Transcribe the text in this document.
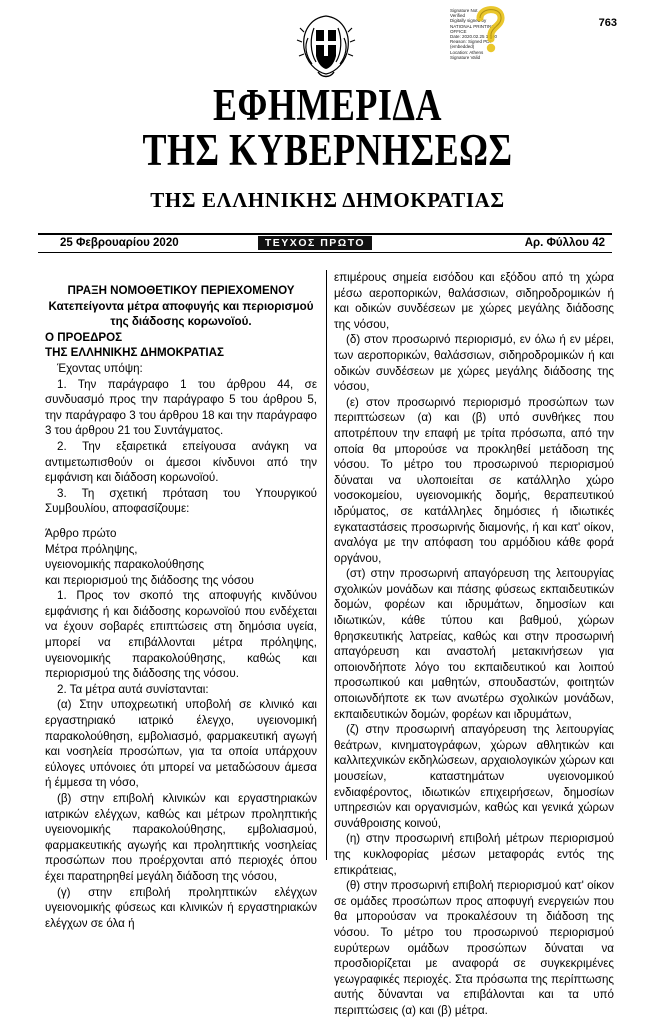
763
Signature Not
Verified
Digitally signed by
NATIONAL PRINTING
OFFICE
Date: 2020.02.25 17:40
Reason: Signed PDF
(embedded)
Location: Athens
Signature Valid
ΕΦΗΜΕΡΙΔΑ
ΤΗΣ ΚΥΒΕΡΝΗΣΕΩΣ
ΤΗΣ ΕΛΛΗΝΙΚΗΣ ΔΗΜΟΚΡΑΤΙΑΣ
25 Φεβρουαρίου 2020	ΤΕΥΧΟΣ ΠΡΩΤΟ	Αρ. Φύλλου 42

ΠΡΑΞΗ ΝΟΜΟΘΕΤΙΚΟΥ ΠΕΡΙΕΧΟΜΕΝΟΥ

Κατεπείγοντα μέτρα αποφυγής και περιορισμού της διάδοσης κορωνοϊού.

Ο ΠΡΟΕΔΡΟΣ

ΤΗΣ ΕΛΛΗΝΙΚΗΣ ΔΗΜΟΚΡΑΤΙΑΣ

Έχοντας υπόψη:

1. Την παράγραφο 1 του άρθρου 44, σε συνδυασμό προς την παράγραφο 5 του άρθρου 5, την παράγραφο 3 του άρθρου 18 και την παράγραφο 3 του άρθρου 21 του Συντάγματος.

2. Την εξαιρετικά επείγουσα ανάγκη να αντιμετωπισθούν οι άμεσοι κίνδυνοι από την εμφάνιση και διάδοση κορωνοϊού.

3. Τη σχετική πρόταση του Υπουργικού Συμβουλίου, αποφασίζουμε:

Άρθρο πρώτο

Μέτρα πρόληψης,

υγειονομικής παρακολούθησης

και περιορισμού της διάδοσης της νόσου

1. Προς τον σκοπό της αποφυγής κινδύνου εμφάνισης ή και διάδοσης κορωνοϊού που ενδέχεται να έχουν σοβαρές επιπτώσεις στη δημόσια υγεία, μπορεί να επιβάλλονται μέτρα πρόληψης, υγειονομικής παρακολούθησης, καθώς και περιορισμού της διάδοσης της νόσου.

2. Τα μέτρα αυτά συνίστανται:

(α) Στην υποχρεωτική υποβολή σε κλινικό και εργαστηριακό ιατρικό έλεγχο, υγειονομική παρακολούθηση, εμβολιασμό, φαρμακευτική αγωγή και νοσηλεία προσώπων, για τα οποία υπάρχουν εύλογες υπόνοιες ότι μπορεί να μεταδώσουν άμεσα ή έμμεσα τη νόσο,

(β) στην επιβολή κλινικών και εργαστηριακών ιατρικών ελέγχων, καθώς και μέτρων προληπτικής υγειονομικής παρακολούθησης, εμβολιασμού, φαρμακευτικής αγωγής και προληπτικής νοσηλείας προσώπων που προέρχονται από περιοχές όπου έχει παρατηρηθεί μεγάλη διάδοση της νόσου,

(γ) στην επιβολή προληπτικών ελέγχων υγειονομικής φύσεως και κλινικών ή εργαστηριακών ελέγχων σε όλα ή

επιμέρους σημεία εισόδου και εξόδου από τη χώρα μέσω αεροπορικών, θαλάσσιων, σιδηροδρομικών ή και οδικών συνδέσεων με χώρες μεγάλης διάδοσης της νόσου,

(δ) στον προσωρινό περιορισμό, εν όλω ή εν μέρει, των αεροπορικών, θαλάσσιων, σιδηροδρομικών ή και οδικών συνδέσεων με χώρες μεγάλης διάδοσης της νόσου,

(ε) στον προσωρινό περιορισμό προσώπων των περιπτώσεων (α) και (β) υπό συνθήκες που αποτρέπουν την επαφή με τρίτα πρόσωπα, από την οποία θα μπορούσε να προκληθεί μετάδοση της νόσου. Το μέτρο του προσωρινού περιορισμού δύναται να υλοποιείται σε κατάλληλο χώρο νοσοκομείου, υγειονομικής δομής, θεραπευτικού ιδρύματος, σε κατάλληλες δημόσιες ή ιδιωτικές εγκαταστάσεις προσωρινής διαμονής, ή και κατ' οίκον, αναλόγα με την απόφαση του αρμόδιου κάθε φορά οργάνου,

(στ) στην προσωρινή απαγόρευση της λειτουργίας σχολικών μονάδων και πάσης φύσεως εκπαιδευτικών δομών, φορέων και ιδρυμάτων, δημοσίων και ιδιωτικών, κάθε τύπου και βαθμού, χώρων θρησκευτικής λατρείας, καθώς και στην προσωρινή απαγόρευση και αναστολή μετακινήσεων για οποιονδήποτε λόγο του εκπαιδευτικού και λοιπού προσωπικού και μαθητών, σπουδαστών, φοιτητών οποιωνδήποτε εκ των ανωτέρω σχολικών μονάδων, εκπαιδευτικών δομών, φορέων και ιδρυμάτων,

(ζ) στην προσωρινή απαγόρευση της λειτουργίας θεάτρων, κινηματογράφων, χώρων αθλητικών και καλλιτεχνικών εκδηλώσεων, αρχαιολογικών χώρων και μουσείων, καταστημάτων υγειονομικού ενδιαφέροντος, ιδιωτικών επιχειρήσεων, δημοσίων υπηρεσιών και οργανισμών, καθώς και γενικά χώρων συνάθροισης κοινού,

(η) στην προσωρινή επιβολή μέτρων περιορισμού της κυκλοφορίας μέσων μεταφοράς εντός της επικράτειας,

(θ) στην προσωρινή επιβολή περιορισμού κατ' οίκον σε ομάδες προσώπων προς αποφυγή ενεργειών που θα μπορούσαν να προκαλέσουν τη διάδοση της νόσου. Το μέτρο του προσωρινού περιορισμού ευρύτερων ομάδων προσώπων δύναται να προσδιορίζεται με αναφορά σε συγκεκριμένες γεωγραφικές περιοχές. Στα πρόσωπα της περίπτωσης αυτής δύνανται να επιβάλονται και τα υπό περιπτώσεις (α) και (β) μέτρα.
